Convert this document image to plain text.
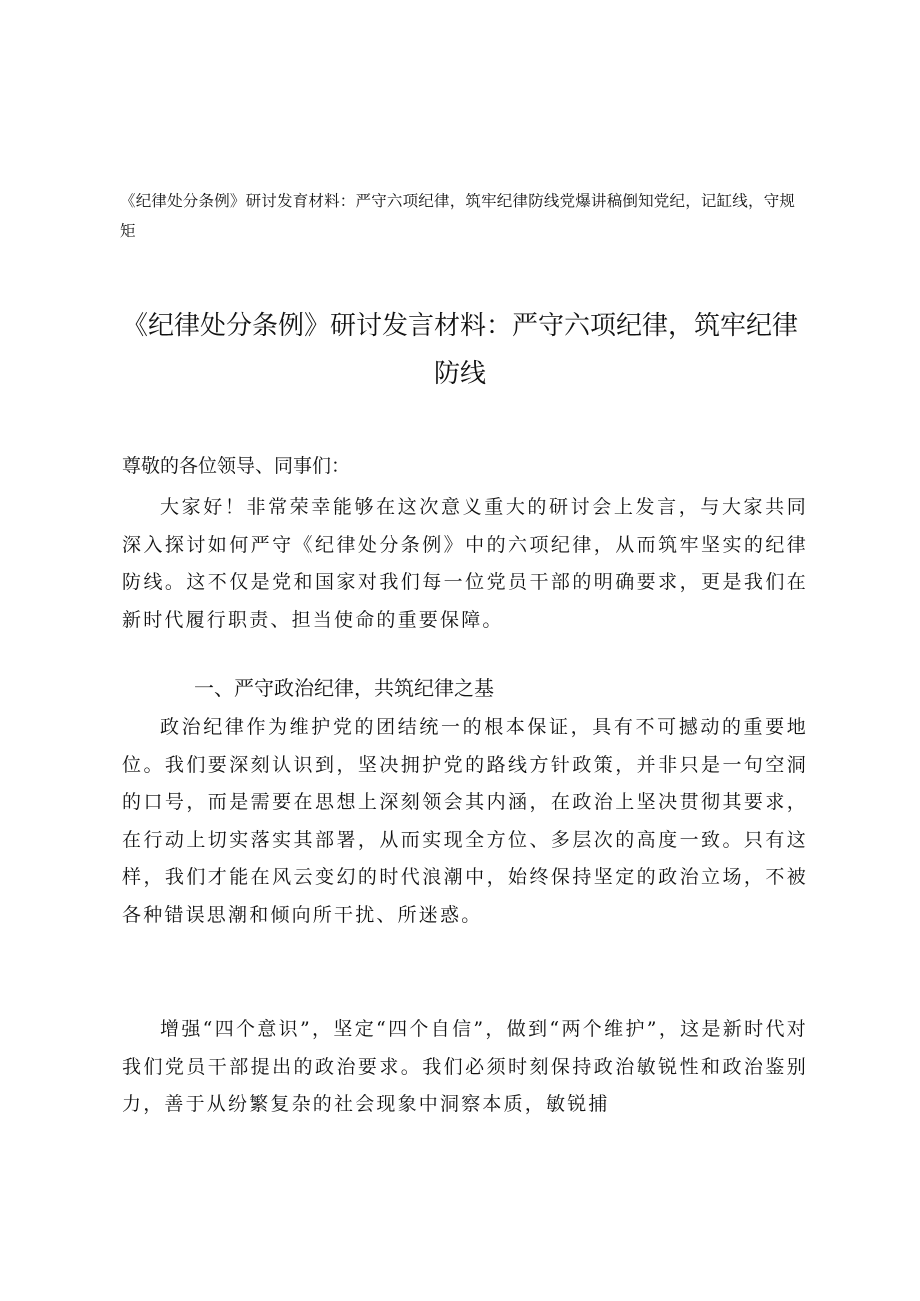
《纪律处分条例》研讨发育材料：严守六项纪律，筑牢纪律防线党爆讲稿倒知党纪，记缸线，守规矩

《纪律处分条例》研讨发言材料：严守六项纪律，筑牢纪律防线

尊敬的各位领导、同事们：

大家好！非常荣幸能够在这次意义重大的研讨会上发言，与大家共同深入探讨如何严守《纪律处分条例》中的六项纪律，从而筑牢坚实的纪律防线。这不仅是党和国家对我们每一位党员干部的明确要求，更是我们在新时代履行职责、担当使命的重要保障。

一、严守政治纪律，共筑纪律之基

政治纪律作为维护党的团结统一的根本保证，具有不可撼动的重要地位。我们要深刻认识到，坚决拥护党的路线方针政策，并非只是一句空洞的口号，而是需要在思想上深刻领会其内涵，在政治上坚决贯彻其要求，在行动上切实落实其部署，从而实现全方位、多层次的高度一致。只有这样，我们才能在风云变幻的时代浪潮中，始终保持坚定的政治立场，不被各种错误思潮和倾向所干扰、所迷惑。

增强“四个意识”，坚定“四个自信”，做到“两个维护”，这是新时代对我们党员干部提出的政治要求。我们必须时刻保持政治敏锐性和政治鉴别力，善于从纷繁复杂的社会现象中洞察本质，敏锐捕
